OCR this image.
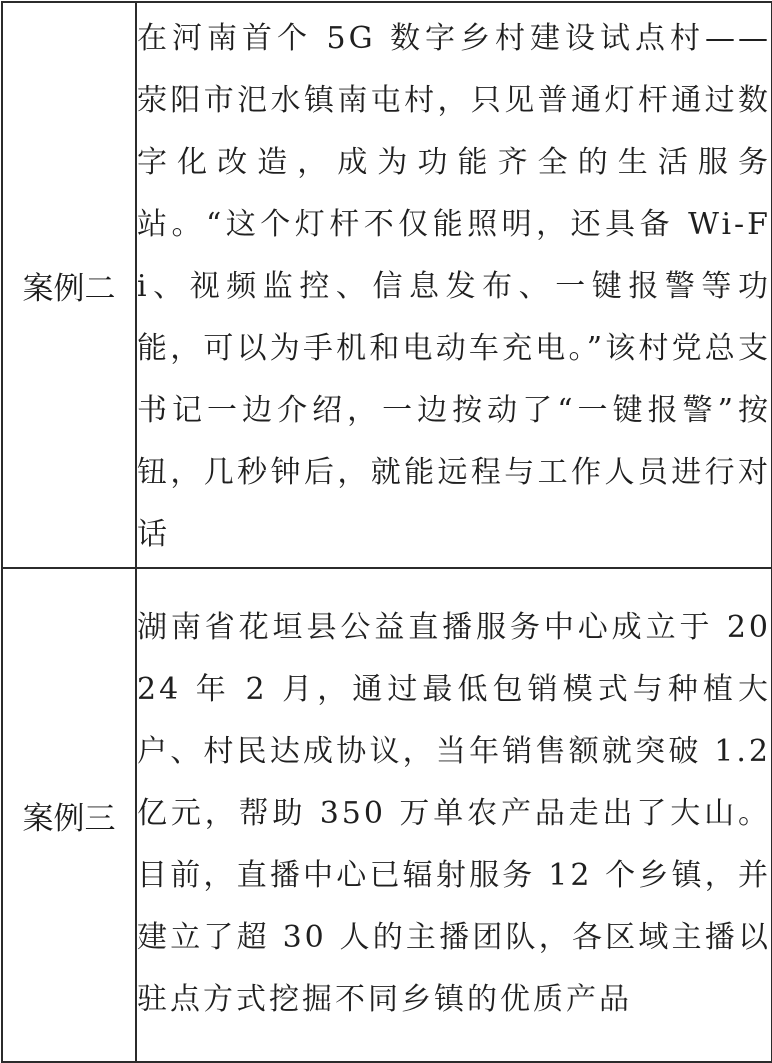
案例二	在河南首个 5G 数字乡村建设试点村——荥阳市汜水镇南屯村，只见普通灯杆通过数字化改造，成为功能齐全的生活服务站。“这个灯杆不仅能照明，还具备 Wi-Fi、视频监控、信息发布、一键报警等功能，可以为手机和电动车充电。”该村党总支书记一边介绍，一边按动了“一键报警”按钮，几秒钟后，就能远程与工作人员进行对话

案例三	湖南省花垣县公益直播服务中心成立于 2024 年 2 月，通过最低包销模式与种植大户、村民达成协议，当年销售额就突破 1.2 亿元，帮助 350 万单农产品走出了大山。目前，直播中心已辐射服务 12 个乡镇，并建立了超 30 人的主播团队，各区域主播以驻点方式挖掘不同乡镇的优质产品
